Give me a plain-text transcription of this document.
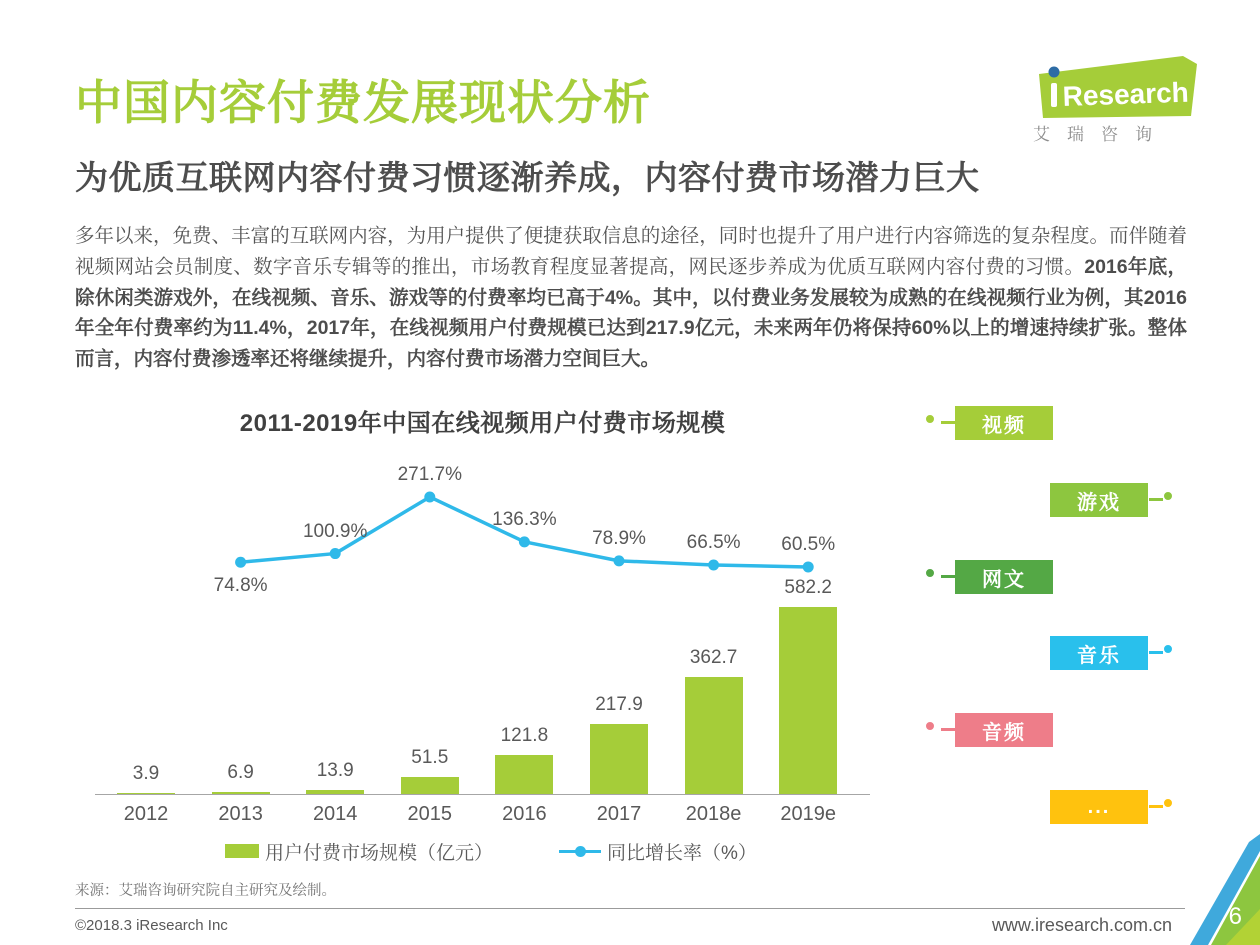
中国内容付费发展现状分析	Research
艾瑞咨询
为优质互联网内容付费习惯逐渐养成，内容付费市场潜力巨大

多年以来，免费、丰富的互联网内容，为用户提供了便捷获取信息的途径，同时也提升了用户进行内容筛选的复杂程度。而伴随着视频网站会员制度、数字音乐专辑等的推出，市场教育程度显著提高，网民逐步养成为优质互联网内容付费的习惯。2016年底，除休闲类游戏外，在线视频、音乐、游戏等的付费率均已高于4%。其中，以付费业务发展较为成熟的在线视频行业为例，其2016年全年付费率约为11.4%，2017年，在线视频用户付费规模已达到217.9亿元，未来两年仍将保持60%以上的增速持续扩张。整体而言，内容付费渗透率还将继续提升，内容付费市场潜力空间巨大。

2011-2019年中国在线视频用户付费市场规模
3.9	6.9	13.9
51.5
121.8
217.9
362.7
582.2
74.8%
100.9%
271.7%
136.3%
78.9%	66.5%	60.5%
用户付费市场规模（亿元）	同比增长率（%）
2012	2013	2014	2015	2016	2017	2018e	2019e
视频
游戏
网文
音乐
音频
...
来源：艾瑞咨询研究院自主研究及绘制。
©2018.3 iResearch Inc	www.iresearch.com.cn 6
